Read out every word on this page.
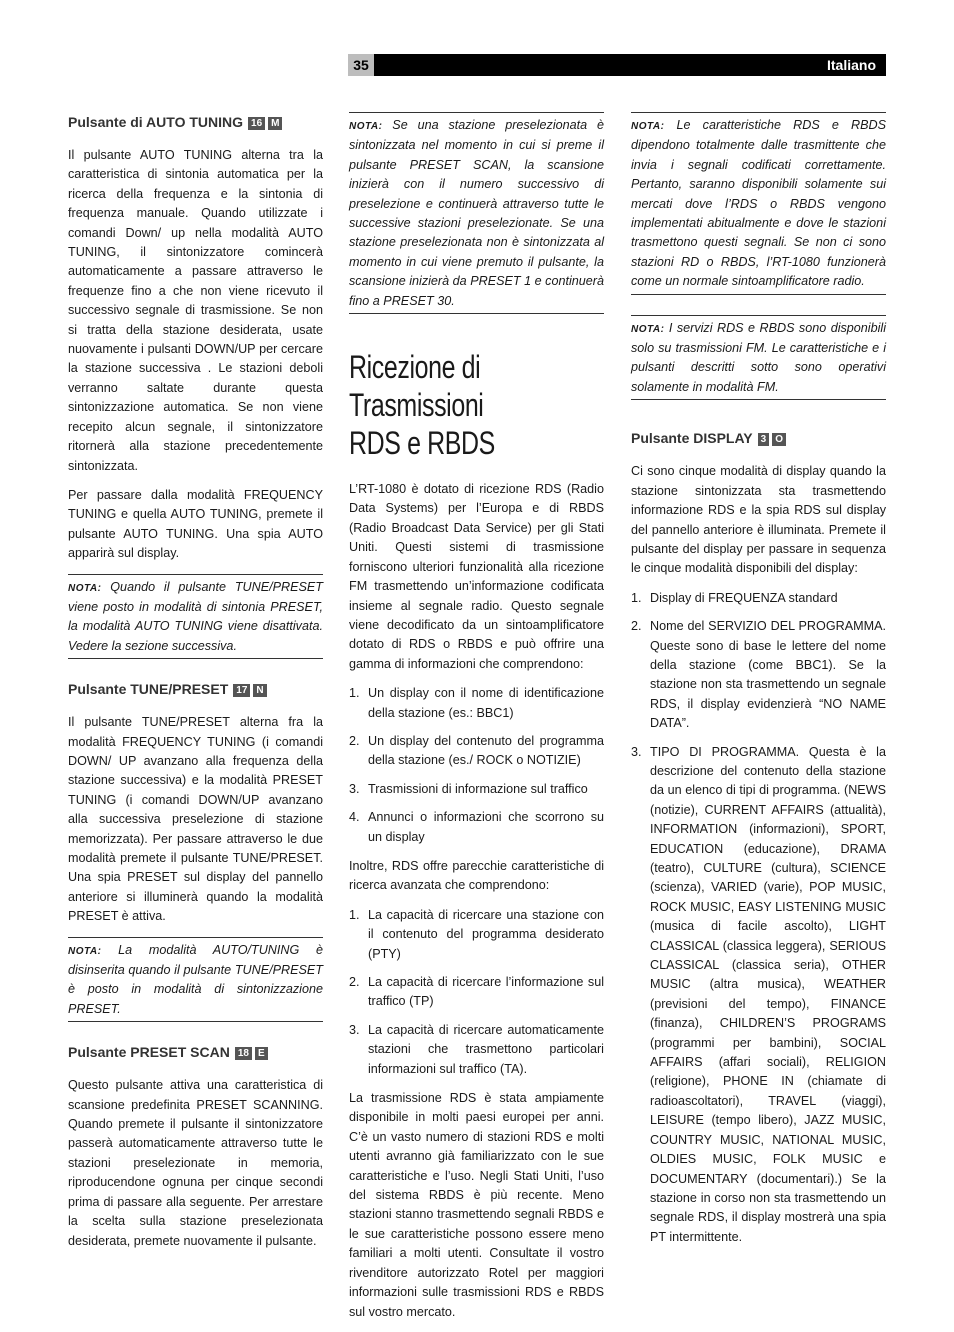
35	Italiano
Pulsante di AUTO TUNING 16 M

Il pulsante AUTO TUNING alterna tra la caratteristica di sintonia automatica per la ricerca della frequenza e la sintonia di frequenza manuale. Quando utilizzate i comandi Down/ up nella modalità AUTO TUNING, il sintonizzatore comincerà automaticamente a passare attraverso le frequenze fino a che non viene ricevuto il successivo segnale di trasmissione. Se non si tratta della stazione desiderata, usate nuovamente i pulsanti DOWN/UP per cercare la stazione successiva . Le stazioni deboli verranno saltate durante questa sintonizzazione automatica. Se non viene recepito alcun segnale, il sintonizzatore ritornerà alla stazione precedentemente sintonizzata.

Per passare dalla modalità FREQUENCY TUNING e quella AUTO TUNING, premete il pulsante AUTO TUNING. Una spia AUTO apparirà sul display.

NOTA: Quando il pulsante TUNE/PRESET viene posto in modalità di sintonia PRESET, la modalità AUTO TUNING viene disattivata. Vedere la sezione successiva.

Pulsante TUNE/PRESET 17 N

Il pulsante TUNE/PRESET alterna fra la modalità FREQUENCY TUNING (i comandi DOWN/ UP avanzano alla frequenza della stazione successiva) e la modalità PRESET TUNING (i comandi DOWN/UP avanzano alla successiva preselezione di stazione memorizzata). Per passare attraverso le due modalità premete il pulsante TUNE/PRESET. Una spia PRESET sul display del pannello anteriore si illuminerà quando la modalità PRESET è attiva.

NOTA: La modalità AUTO/TUNING è disinserita quando il pulsante TUNE/PRESET è posto in modalità di sintonizzazione PRESET.

Pulsante PRESET SCAN 18 E

Questo pulsante attiva una caratteristica di scansione predefinita PRESET SCANNING. Quando premete il pulsante il sintonizzatore passerà automaticamente attraverso tutte le stazioni preselezionate in memoria, riproducendone ognuna per cinque secondi prima di passare alla seguente. Per arrestare la scelta sulla stazione preselezionata desiderata, premete nuovamente il pulsante.

NOTA: Se una stazione preselezionata è sintonizzata nel momento in cui si preme il pulsante PRESET SCAN, la scansione inizierà con il numero successivo di preselezione e continuerà attraverso tutte le successive stazioni preselezionate. Se una stazione preselezionata non è sintonizzata al momento in cui viene premuto il pulsante, la scansione inizierà da PRESET 1 e continuerà fino a PRESET 30.

Ricezione di Trasmissioni
RDS e RBDS

L’RT-1080 è dotato di ricezione RDS (Radio Data Systems) per l’Europa e di RBDS (Radio Broadcast Data Service) per gli Stati Uniti. Questi sistemi di trasmissione forniscono ulteriori funzionalità alla ricezione FM trasmettendo un’informazione codificata insieme al segnale radio. Questo segnale viene decodificato da un sintoamplificatore dotato di RDS o RBDS e può offrire una gamma di informazioni che comprendono:

1. Un display con il nome di identificazione della stazione (es.: BBC1)
2. Un display del contenuto del programma della stazione (es./ ROCK o NOTIZIE)
3. Trasmissioni di informazione sul traffico
4. Annunci o informazioni che scorrono su un display

Inoltre, RDS offre parecchie caratteristiche di ricerca avanzata che comprendono:

1. La capacità di ricercare una stazione con il contenuto del programma desiderato (PTY)
2. La capacità di ricercare l’informazione sul traffico (TP)
3. La capacità di ricercare automaticamente stazioni che trasmettono particolari informazioni sul traffico (TA).

La trasmissione RDS è stata ampiamente disponibile in molti paesi europei per anni. C’è un vasto numero di stazioni RDS e molti utenti avranno già familiarizzato con le sue caratteristiche e l’uso. Negli Stati Uniti, l’uso del sistema RBDS è più recente. Meno stazioni stanno trasmettendo segnali RBDS e le sue caratteristiche possono essere meno familiari a molti utenti. Consultate il vostro rivenditore autorizzato Rotel per maggiori informazioni sulle trasmissioni RDS e RBDS sul vostro mercato.

NOTA: Le caratteristiche RDS e RBDS dipendono totalmente dalle trasmittente che invia i segnali codificati correttamente. Pertanto, saranno disponibili solamente sui mercati dove l’RDS o RBDS vengono implementati abitualmente e dove le stazioni trasmettono questi segnali. Se non ci sono stazioni RD o RBDS, l’RT-1080 funzionerà come un normale sintoamplificatore radio.

NOTA: I servizi RDS e RBDS sono disponibili solo su trasmissioni FM. Le caratteristiche e i pulsanti descritti sotto sono operativi solamente in modalità FM.

Pulsante DISPLAY 3 O

Ci sono cinque modalità di display quando la stazione sintonizzata sta trasmettendo informazione RDS e la spia RDS sul display del pannello anteriore è illuminata. Premete il pulsante del display per passare in sequenza le cinque modalità disponibili del display:

1. Display di FREQUENZA standard
2. Nome del SERVIZIO DEL PROGRAMMA. Queste sono di base le lettere del nome della stazione (come BBC1). Se la stazione non sta trasmettendo un segnale RDS, il display evidenzierà “NO NAME DATA”.
3. TIPO DI PROGRAMMA. Questa è la descrizione del contenuto della stazione da un elenco di tipi di programma. (NEWS (notizie), CURRENT AFFAIRS (attualità), INFORMATION (informazioni), SPORT, EDUCATION (educazione), DRAMA (teatro), CULTURE (cultura), SCIENCE (scienza), VARIED (varie), POP MUSIC, ROCK MUSIC, EASY LISTENING MUSIC (musica di facile ascolto), LIGHT CLASSICAL (classica leggera), SERIOUS CLASSICAL (classica seria), OTHER MUSIC (altra musica), WEATHER (previsioni del tempo), FINANCE (finanza), CHILDREN’S PROGRAMS (programmi per bambini), SOCIAL AFFAIRS (affari sociali), RELIGION (religione), PHONE IN (chiamate di radioascoltatori), TRAVEL (viaggi), LEISURE (tempo libero), JAZZ MUSIC, COUNTRY MUSIC, NATIONAL MUSIC, OLDIES MUSIC, FOLK MUSIC e DOCUMENTARY (documentari).) Se la stazione in corso non sta trasmettendo un segnale RDS, il display mostrerà una spia PT intermittente.
